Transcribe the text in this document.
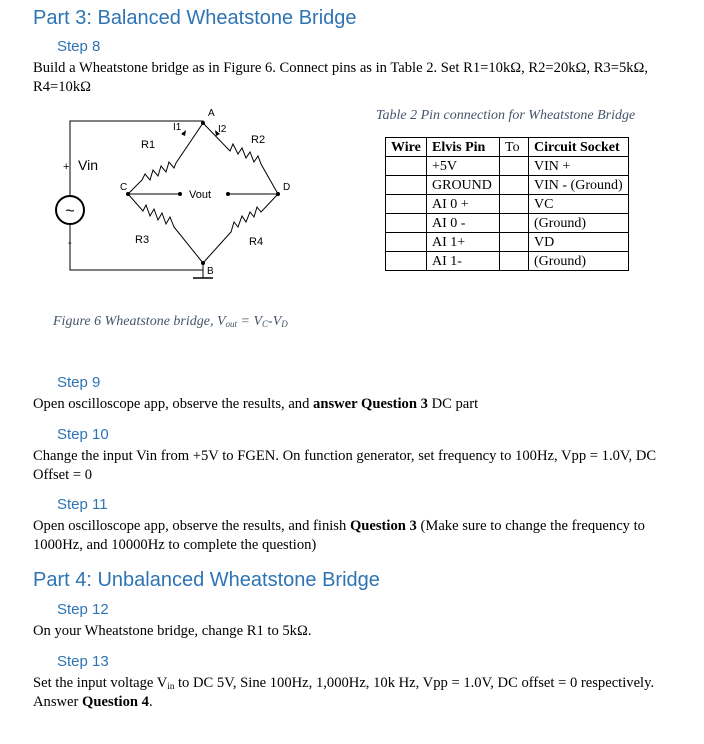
Part 3: Balanced Wheatstone Bridge
Step 8
Build a Wheatstone bridge as in Figure 6. Connect pins as in Table 2. Set R1=10kΩ, R2=20kΩ, R3=5kΩ, R4=10kΩ
~
+ Vin
-
C
A
D
B
R1	R2
R3	R4
I1	I2
Vout
Figure 6 Wheatstone bridge, $V_{out} = V_C-V_D$
Table 2 Pin connection for Wheatstone Bridge
Wire	Elvis Pin	To	Circuit Socket
	+5V		VIN +
	GROUND		VIN - (Ground)
	AI 0 +		VC
	AI 0 -		(Ground)
	AI 1+		VD
	AI 1-		(Ground)
Step 9
Open oscilloscope app, observe the results, and answer Question 3 DC part
Step 10
Change the input Vin from +5V to FGEN. On function generator, set frequency to 100Hz, Vpp = 1.0V, DC Offset = 0
Step 11
Open oscilloscope app, observe the results, and finish Question 3 (Make sure to change the frequency to 1000Hz, and 10000Hz to complete the question)
Part 4: Unbalanced Wheatstone Bridge
Step 12
On your Wheatstone bridge, change R1 to 5kΩ.
Step 13
Set the input voltage $V_{in}$ to DC 5V, Sine 100Hz, 1,000Hz, 10k Hz, Vpp = 1.0V, DC offset = 0 respectively. Answer Question 4.
